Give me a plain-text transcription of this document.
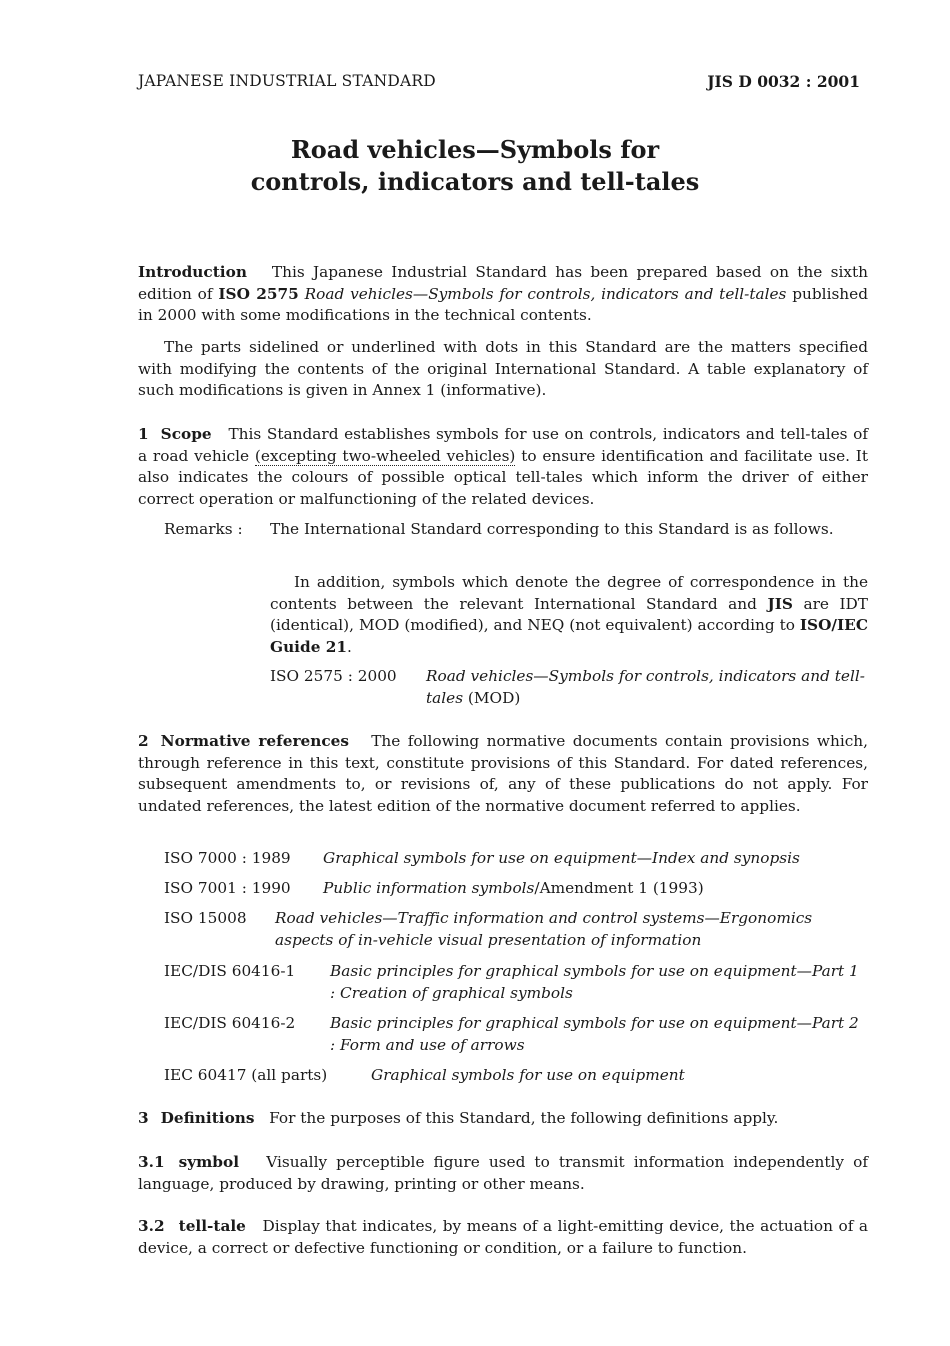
JAPANESE INDUSTRIAL STANDARD	JIS D 0032 : 2001
Road vehicles—Symbols for
controls, indicators and tell-tales
Introduction This Japanese Industrial Standard has been prepared based on the sixth edition of ISO 2575 Road vehicles—Symbols for controls, indicators and tell-tales published in 2000 with some modifications in the technical contents.
The parts sidelined or underlined with dots in this Standard are the matters specified with modifying the contents of the original International Standard. A table explanatory of such modifications is given in Annex 1 (informative).
1 Scope This Standard establishes symbols for use on controls, indicators and tell-tales of a road vehicle (excepting two-wheeled vehicles) to ensure identification and facilitate use. It also indicates the colours of possible optical tell-tales which inform the driver of either correct operation or malfunctioning of the related devices.
Remarks :	The International Standard corresponding to this Standard is as follows.
In addition, symbols which denote the degree of correspondence in the contents between the relevant International Standard and JIS are IDT (identical), MOD (modified), and NEQ (not equivalent) according to ISO/IEC Guide 21.
ISO 2575 : 2000 Road vehicles—Symbols for controls, indicators and tell-tales (MOD)
2 Normative references The following normative documents contain provisions which, through reference in this text, constitute provisions of this Standard. For dated references, subsequent amendments to, or revisions of, any of these publications do not apply. For undated references, the latest edition of the normative document referred to applies.
ISO 7000 : 1989 Graphical symbols for use on equipment—Index and synopsis
ISO 7001 : 1990 Public information symbols/Amendment 1 (1993)
ISO 15008 Road vehicles—Traffic information and control systems—Ergonomics aspects of in-vehicle visual presentation of information
IEC/DIS 60416-1 Basic principles for graphical symbols for use on equipment—Part 1 : Creation of graphical symbols
IEC/DIS 60416-2 Basic principles for graphical symbols for use on equipment—Part 2 : Form and use of arrows
IEC 60417 (all parts)	Graphical symbols for use on equipment
3 Definitions For the purposes of this Standard, the following definitions apply.
3.1 symbol Visually perceptible figure used to transmit information independently of language, produced by drawing, printing or other means.
3.2 tell-tale Display that indicates, by means of a light-emitting device, the actuation of a device, a correct or defective functioning or condition, or a failure to function.
